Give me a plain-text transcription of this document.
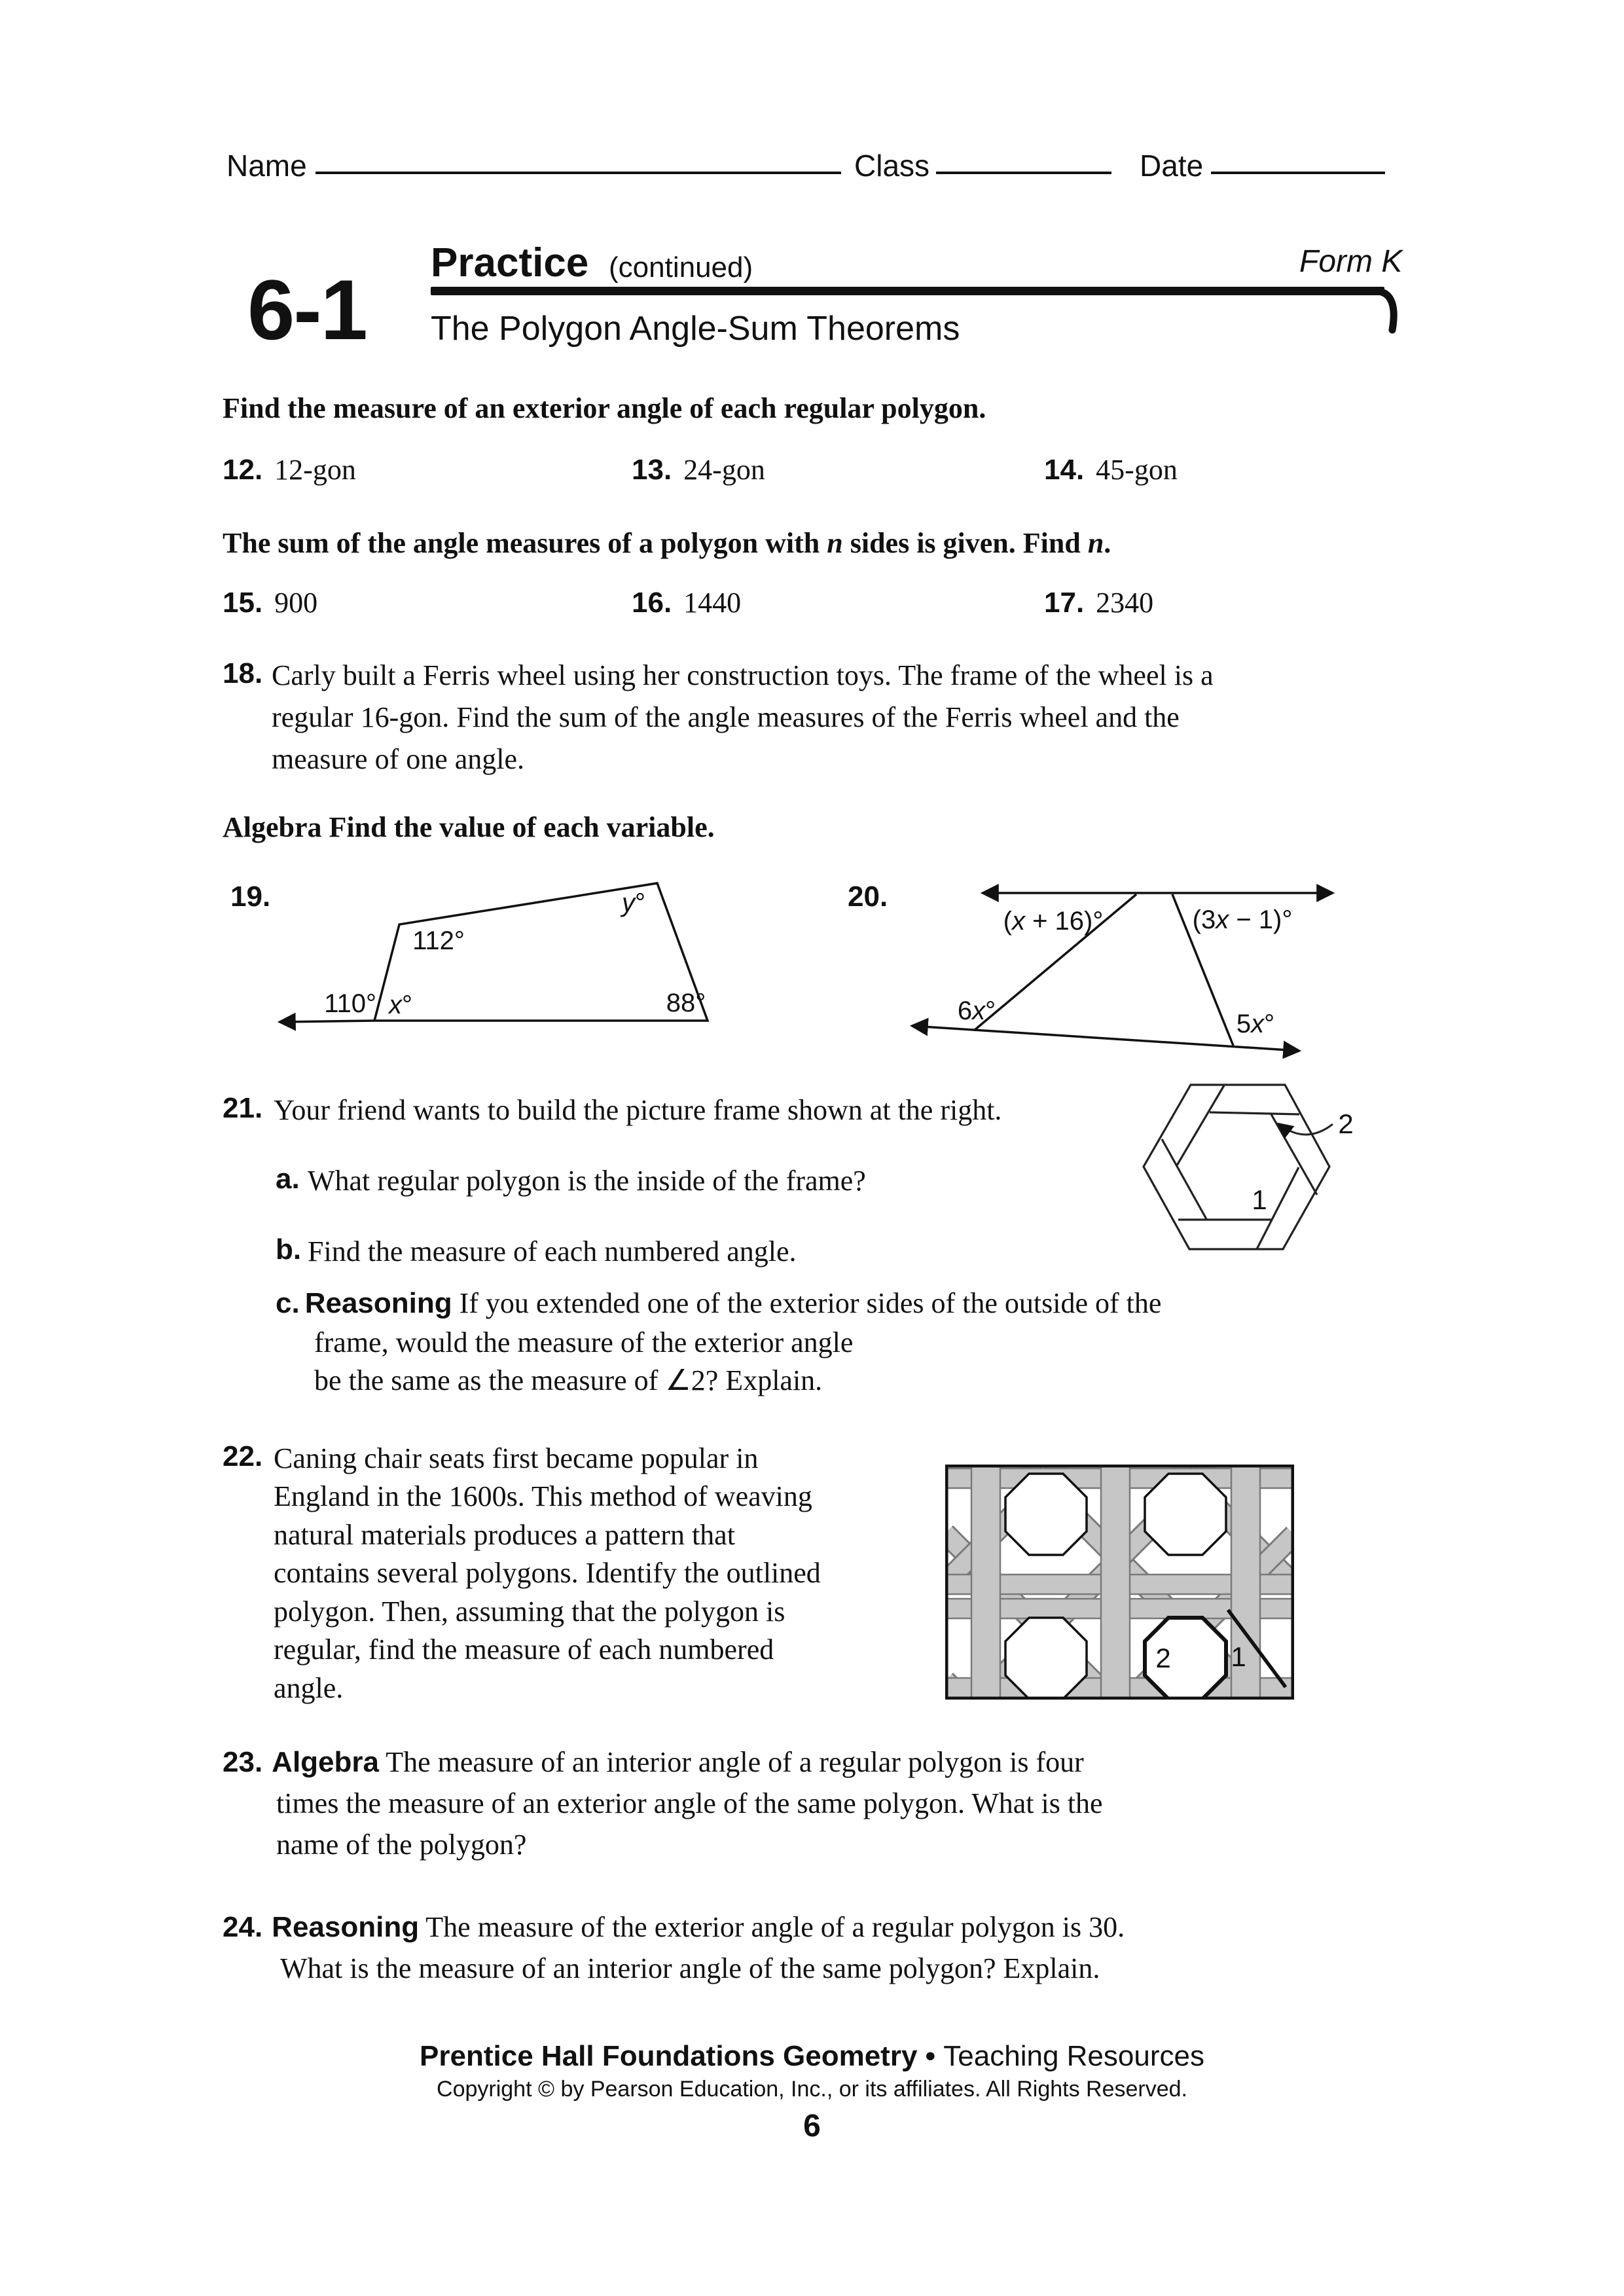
Name	Class	Date
6-1 Practice (continued)	Form K
The Polygon Angle-Sum Theorems
Find the measure of an exterior angle of each regular polygon.
12. 12-gon	13. 24-gon	14. 45-gon
The sum of the angle measures of a polygon with n sides is given. Find n.
15. 900	16. 1440	17. 2340
18. Carly built a Ferris wheel using her construction toys. The frame of the wheel is a
regular 16-gon. Find the sum of the angle measures of the Ferris wheel and the
measure of one angle.
Algebra Find the value of each variable.
19.
112°
y°
110° x°	88°
20.
(x + 16)°	(3x − 1)°
6x°	5x°
21. Your friend wants to build the picture frame shown at the right.
a. What regular polygon is the inside of the frame?
b. Find the measure of each numbered angle.
c. Reasoning If you extended one of the exterior sides of the outside of the
frame, would the measure of the exterior angle
be the same as the measure of ∠2? Explain.
1
2
22. Caning chair seats first became popular in
England in the 1600s. This method of weaving
natural materials produces a pattern that
contains several polygons. Identify the outlined
polygon. Then, assuming that the polygon is
regular, find the measure of each numbered
angle.
2 1
23. Algebra The measure of an interior angle of a regular polygon is four
times the measure of an exterior angle of the same polygon. What is the
name of the polygon?
24. Reasoning The measure of the exterior angle of a regular polygon is 30.
What is the measure of an interior angle of the same polygon? Explain.
Prentice Hall Foundations Geometry • Teaching Resources
Copyright © by Pearson Education, Inc., or its affiliates. All Rights Reserved.
6
